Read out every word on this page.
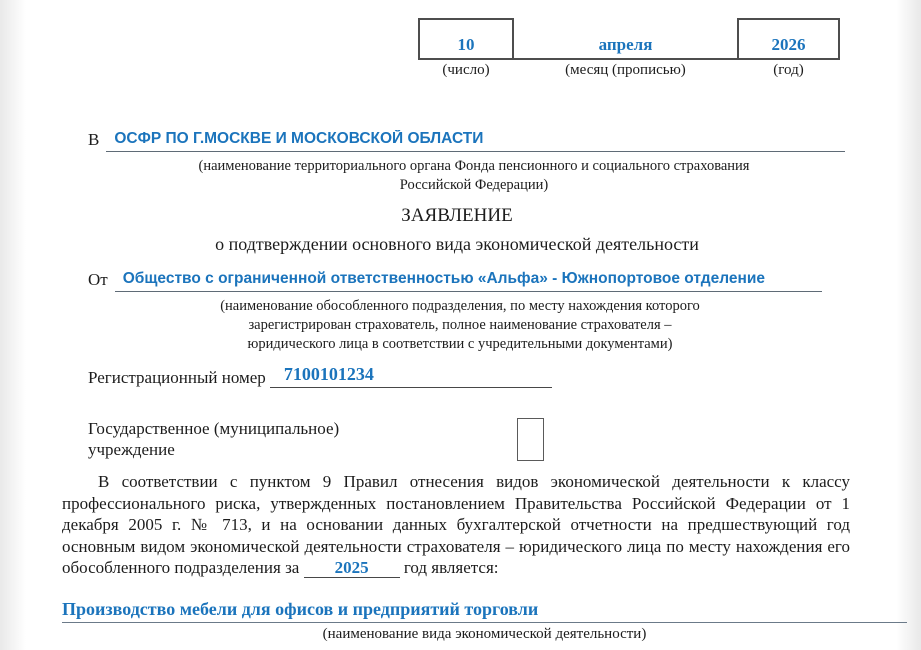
10	апреля	2026
(число)	(месяц (прописью)	(год)
В ОСФР ПО Г.МОСКВЕ И МОСКОВСКОЙ ОБЛАСТИ
(наименование территориального органа Фонда пенсионного и социального страхования
Российской Федерации)
ЗАЯВЛЕНИЕ
о подтверждении основного вида экономической деятельности
От Общество с ограниченной ответственностью «Альфа» - Южнопортовое отделение
(наименование обособленного подразделения, по месту нахождения которого
зарегистрирован страхователь, полное наименование страхователя –
юридического лица в соответствии с учредительными документами)
Регистрационный номер	7100101234
Государственное (муниципальное)
учреждение

В соответствии с пунктом 9 Правил отнесения видов экономической деятельности к классу профессионального риска, утвержденных постановлением Правительства Российской Федерации от 1 декабря 2005 г. № 713, и на основании данных бухгалтерской отчетности на предшествующий год основным видом экономической деятельности страхователя – юридического лица по месту нахождения его обособленного подразделения за 2025 год является:

Производство мебели для офисов и предприятий торговли
(наименование вида экономической деятельности)
